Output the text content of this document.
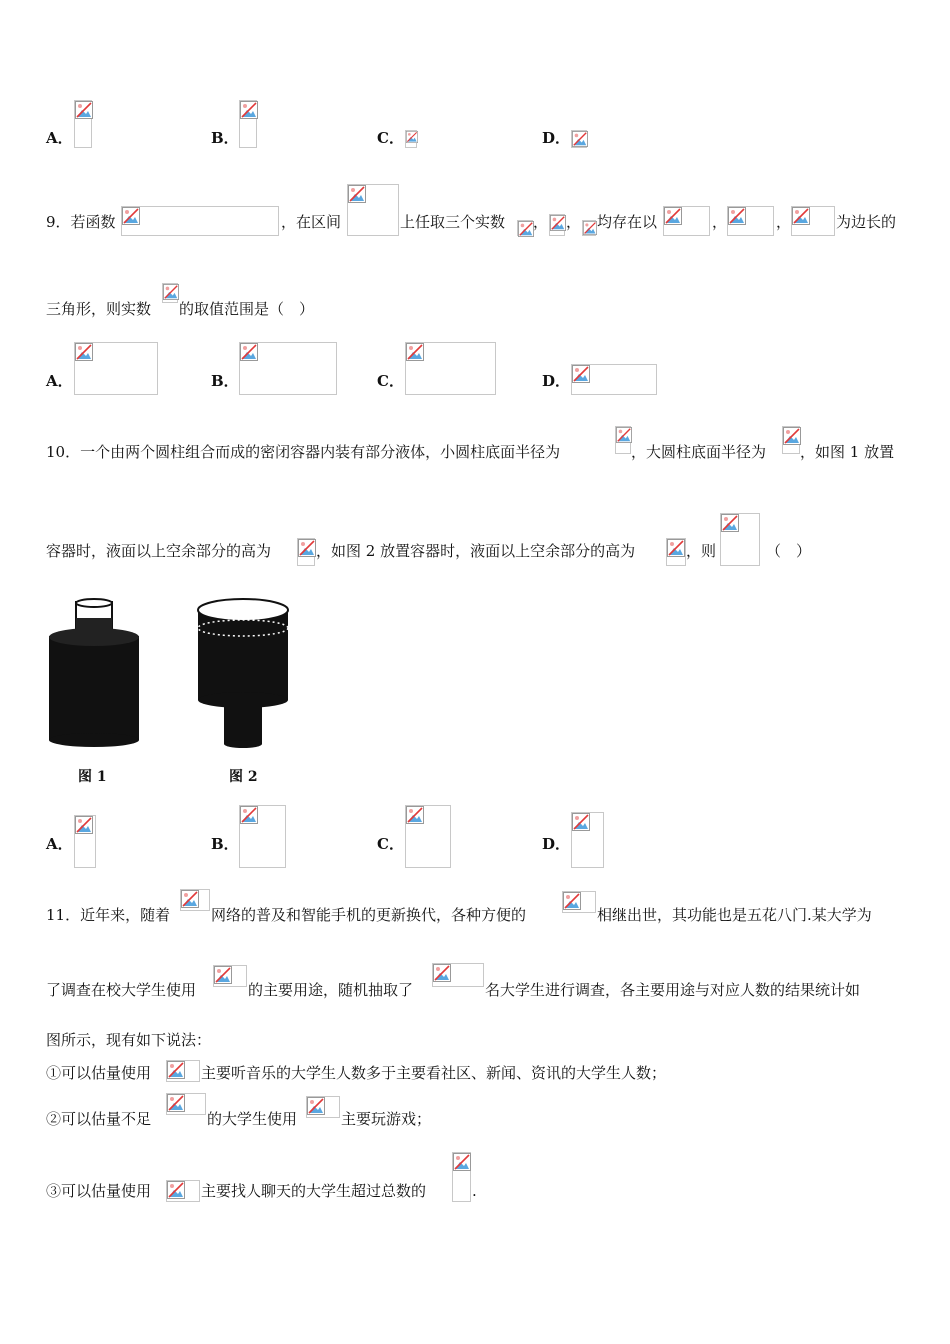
A．	B．	C．	D．
9．若函数	，在区间	上任取三个实数 ， ， 均存在以	，	，	为边长的
三角形，则实数 的取值范围是（　）
A．	B．	C．	D．
10．一个由两个圆柱组合而成的密闭容器内装有部分液体，小圆柱底面半径为	，大圆柱底面半径为 ，如图 1 放置
容器时，液面以上空余部分的高为	，如图 2 放置容器时，液面以上空余部分的高为	，则	（　）
图 1	图 2
A．	B．	C．	D．
11．近年来，随着	网络的普及和智能手机的更新换代，各种方便的	相继出世，其功能也是五花八门.某大学为
了调查在校大学生使用	的主要用途，随机抽取了	名大学生进行调查，各主要用途与对应人数的结果统计如
图所示，现有如下说法：
①可以估量使用	主要听音乐的大学生人数多于主要看社区、新闻、资讯的大学生人数；
②可以估量不足	的大学生使用	主要玩游戏；
③可以估量使用	主要找人聊天的大学生超过总数的	.
